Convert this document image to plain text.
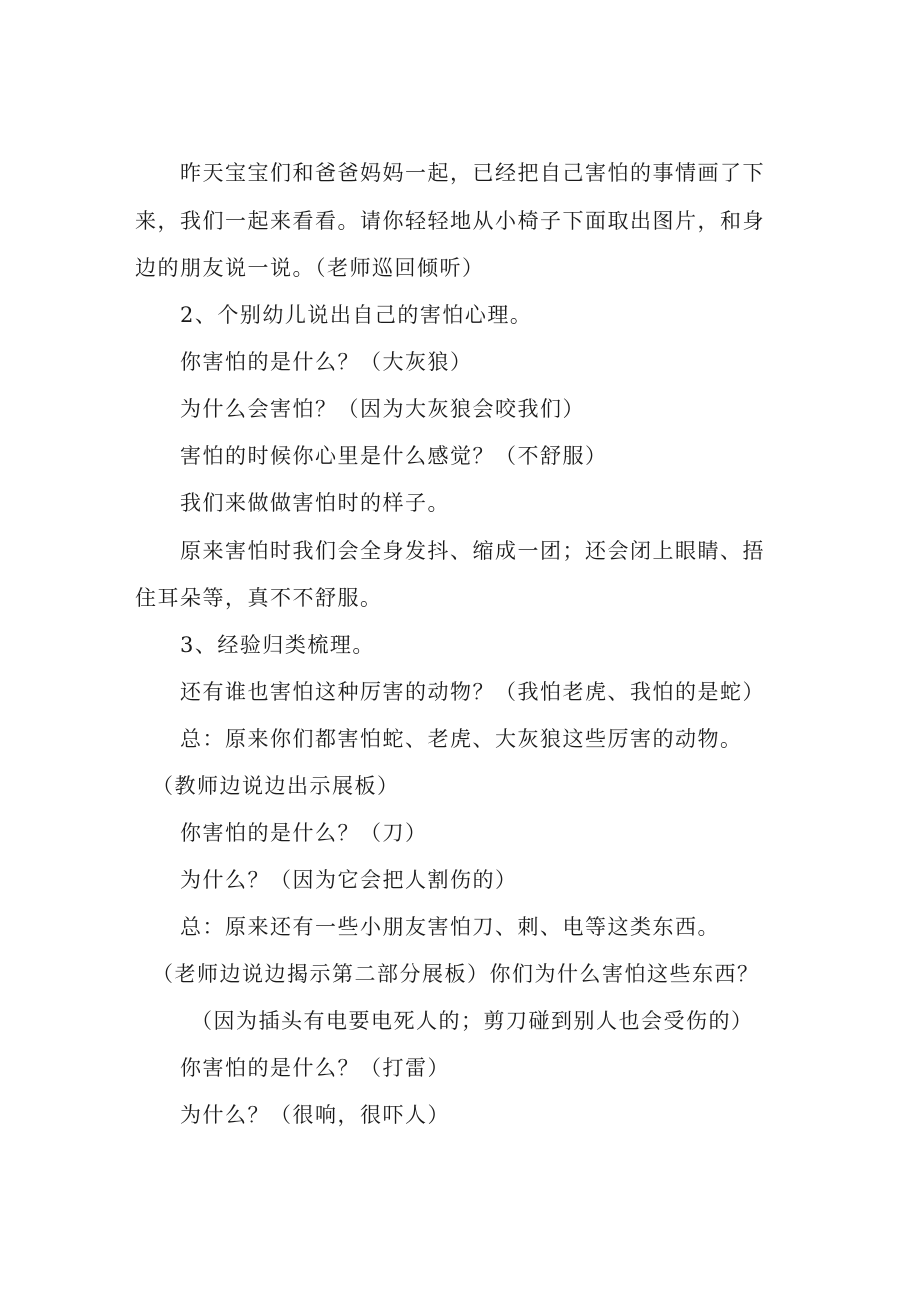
昨天宝宝们和爸爸妈妈一起，已经把自己害怕的事情画了下
来，我们一起来看看。请你轻轻地从小椅子下面取出图片，和身
边的朋友说一说。（老师巡回倾听）
2、个别幼儿说出自己的害怕心理。
你害怕的是什么？（大灰狼）
为什么会害怕？（因为大灰狼会咬我们）
害怕的时候你心里是什么感觉？（不舒服）
我们来做做害怕时的样子。
原来害怕时我们会全身发抖、缩成一团；还会闭上眼睛、捂
住耳朵等，真不不舒服。
3、经验归类梳理。
还有谁也害怕这种厉害的动物？（我怕老虎、我怕的是蛇）
总：原来你们都害怕蛇、老虎、大灰狼这些厉害的动物。
（教师边说边出示展板）
你害怕的是什么？（刀）
为什么？（因为它会把人割伤的）
总：原来还有一些小朋友害怕刀、刺、电等这类东西。
（老师边说边揭示第二部分展板）你们为什么害怕这些东西？
（因为插头有电要电死人的；剪刀碰到别人也会受伤的）
你害怕的是什么？（打雷）
为什么？（很响，很吓人）
